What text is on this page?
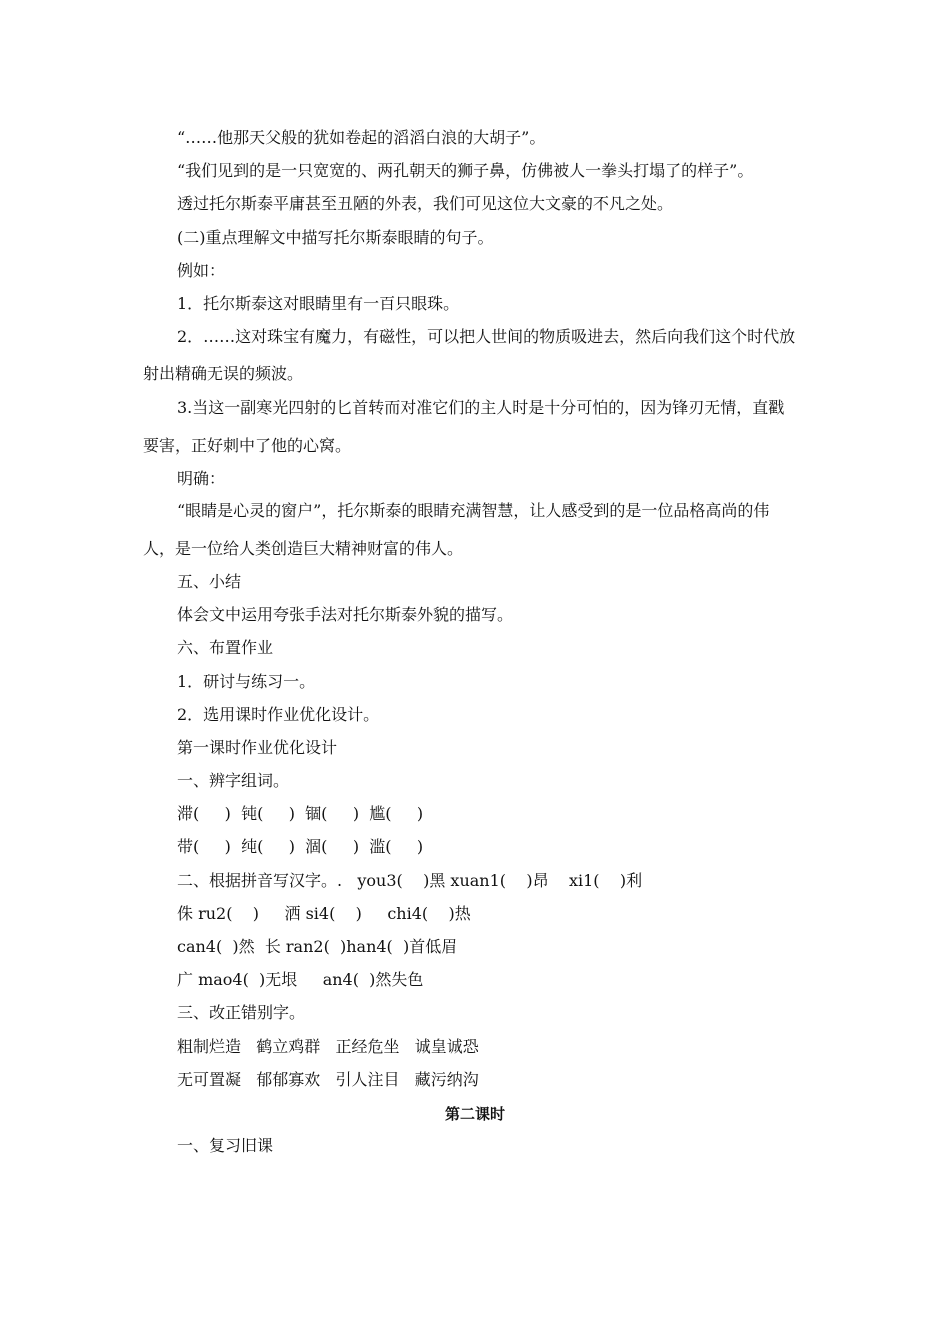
“……他那天父般的犹如卷起的滔滔白浪的大胡子”。
“我们见到的是一只宽宽的、两孔朝天的狮子鼻，仿佛被人一拳头打塌了的样子”。
透过托尔斯泰平庸甚至丑陋的外表，我们可见这位大文豪的不凡之处。
(二)重点理解文中描写托尔斯泰眼睛的句子。
例如：
1．托尔斯泰这对眼睛里有一百只眼珠。
2．……这对珠宝有魔力，有磁性，可以把人世间的物质吸进去，然后向我们这个时代放
射出精确无误的频波。
3.当这一副寒光四射的匕首转而对准它们的主人时是十分可怕的，因为锋刃无情，直戳
要害，正好刺中了他的心窝。
明确：
“眼睛是心灵的窗户”，托尔斯泰的眼睛充满智慧，让人感受到的是一位品格高尚的伟
人，是一位给人类创造巨大精神财富的伟人。
五、小结
体会文中运用夸张手法对托尔斯泰外貌的描写。
六、布置作业
1．研讨与练习一。
2．选用课时作业优化设计。
第一课时作业优化设计
一、辨字组词。
滞(     )  钝(     )  锢(     )  尴(     )
带(     )  纯(     )  涸(     )  滥(     )
二、根据拼音写汉字。.   you3(    )黑 xuan1(    )昂    xi1(    )利
侏 ru2(    )     洒 si4(    )     chi4(    )热
can4(  )然  长 ran2(  )han4(  )首低眉
广 mao4(  )无垠     an4(  )然失色
三、改正错别字。
粗制烂造   鹤立鸡群   正经危坐   诚皇诚恐
无可置凝   郁郁寡欢   引人注目   藏污纳沟
第二课时
一、复习旧课
